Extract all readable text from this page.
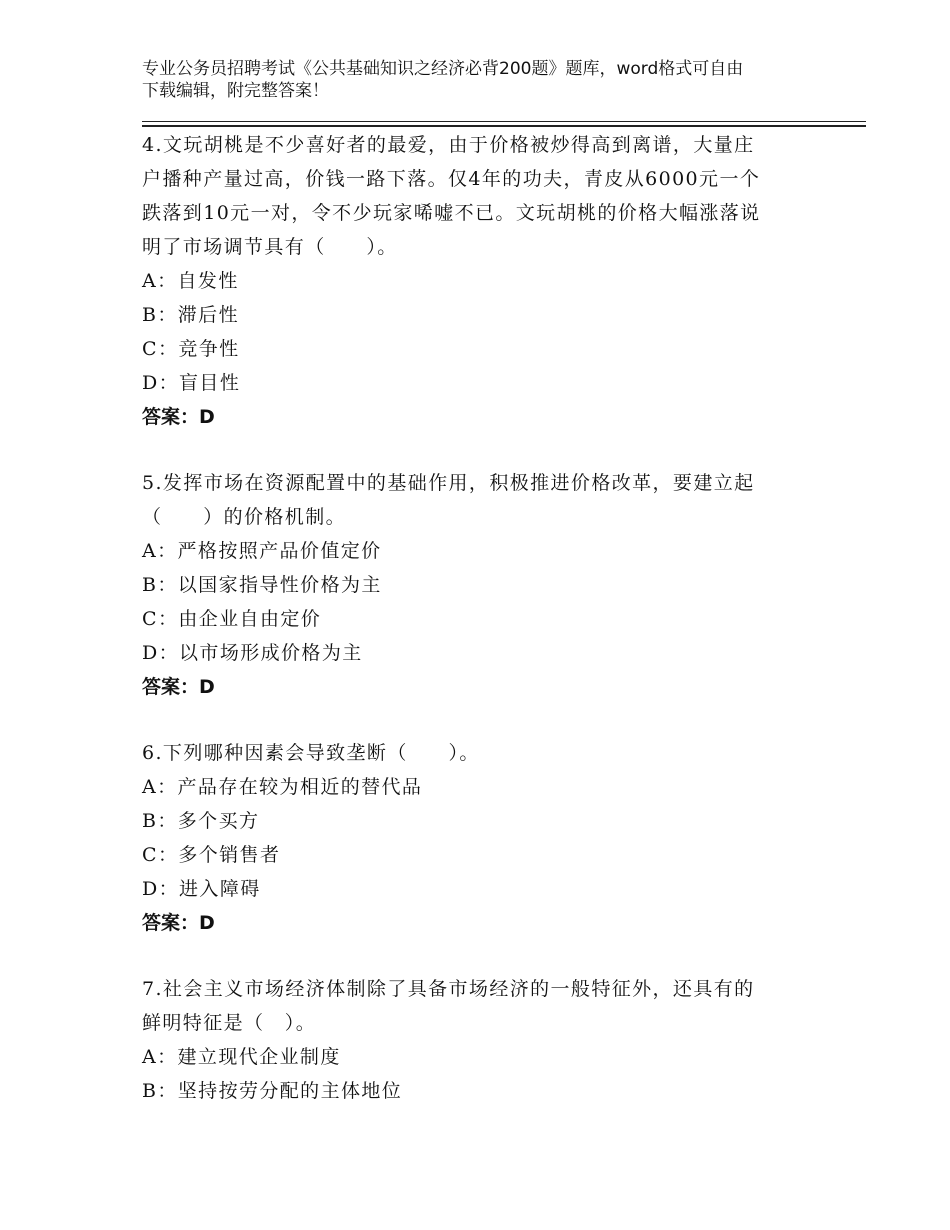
专业公务员招聘考试《公共基础知识之经济必背200题》题库，word格式可自由
下载编辑，附完整答案！

4.文玩胡桃是不少喜好者的最爱，由于价格被炒得高到离谱，大量庄
户播种产量过高，价钱一路下落。仅4年的功夫，青皮从6000元一个
跌落到10元一对，令不少玩家唏嘘不已。文玩胡桃的价格大幅涨落说
明了市场调节具有（　　）。

A：自发性

B：滞后性

C：竞争性

D：盲目性

答案：D

5.发挥市场在资源配置中的基础作用，积极推进价格改革，要建立起
（　　）的价格机制。

A：严格按照产品价值定价

B：以国家指导性价格为主

C：由企业自由定价

D：以市场形成价格为主

答案：D

6.下列哪种因素会导致垄断（　　）。

A：产品存在较为相近的替代品

B：多个买方

C：多个销售者

D：进入障碍

答案：D

7.社会主义市场经济体制除了具备市场经济的一般特征外，还具有的
鲜明特征是（　）。

A：建立现代企业制度

B：坚持按劳分配的主体地位
